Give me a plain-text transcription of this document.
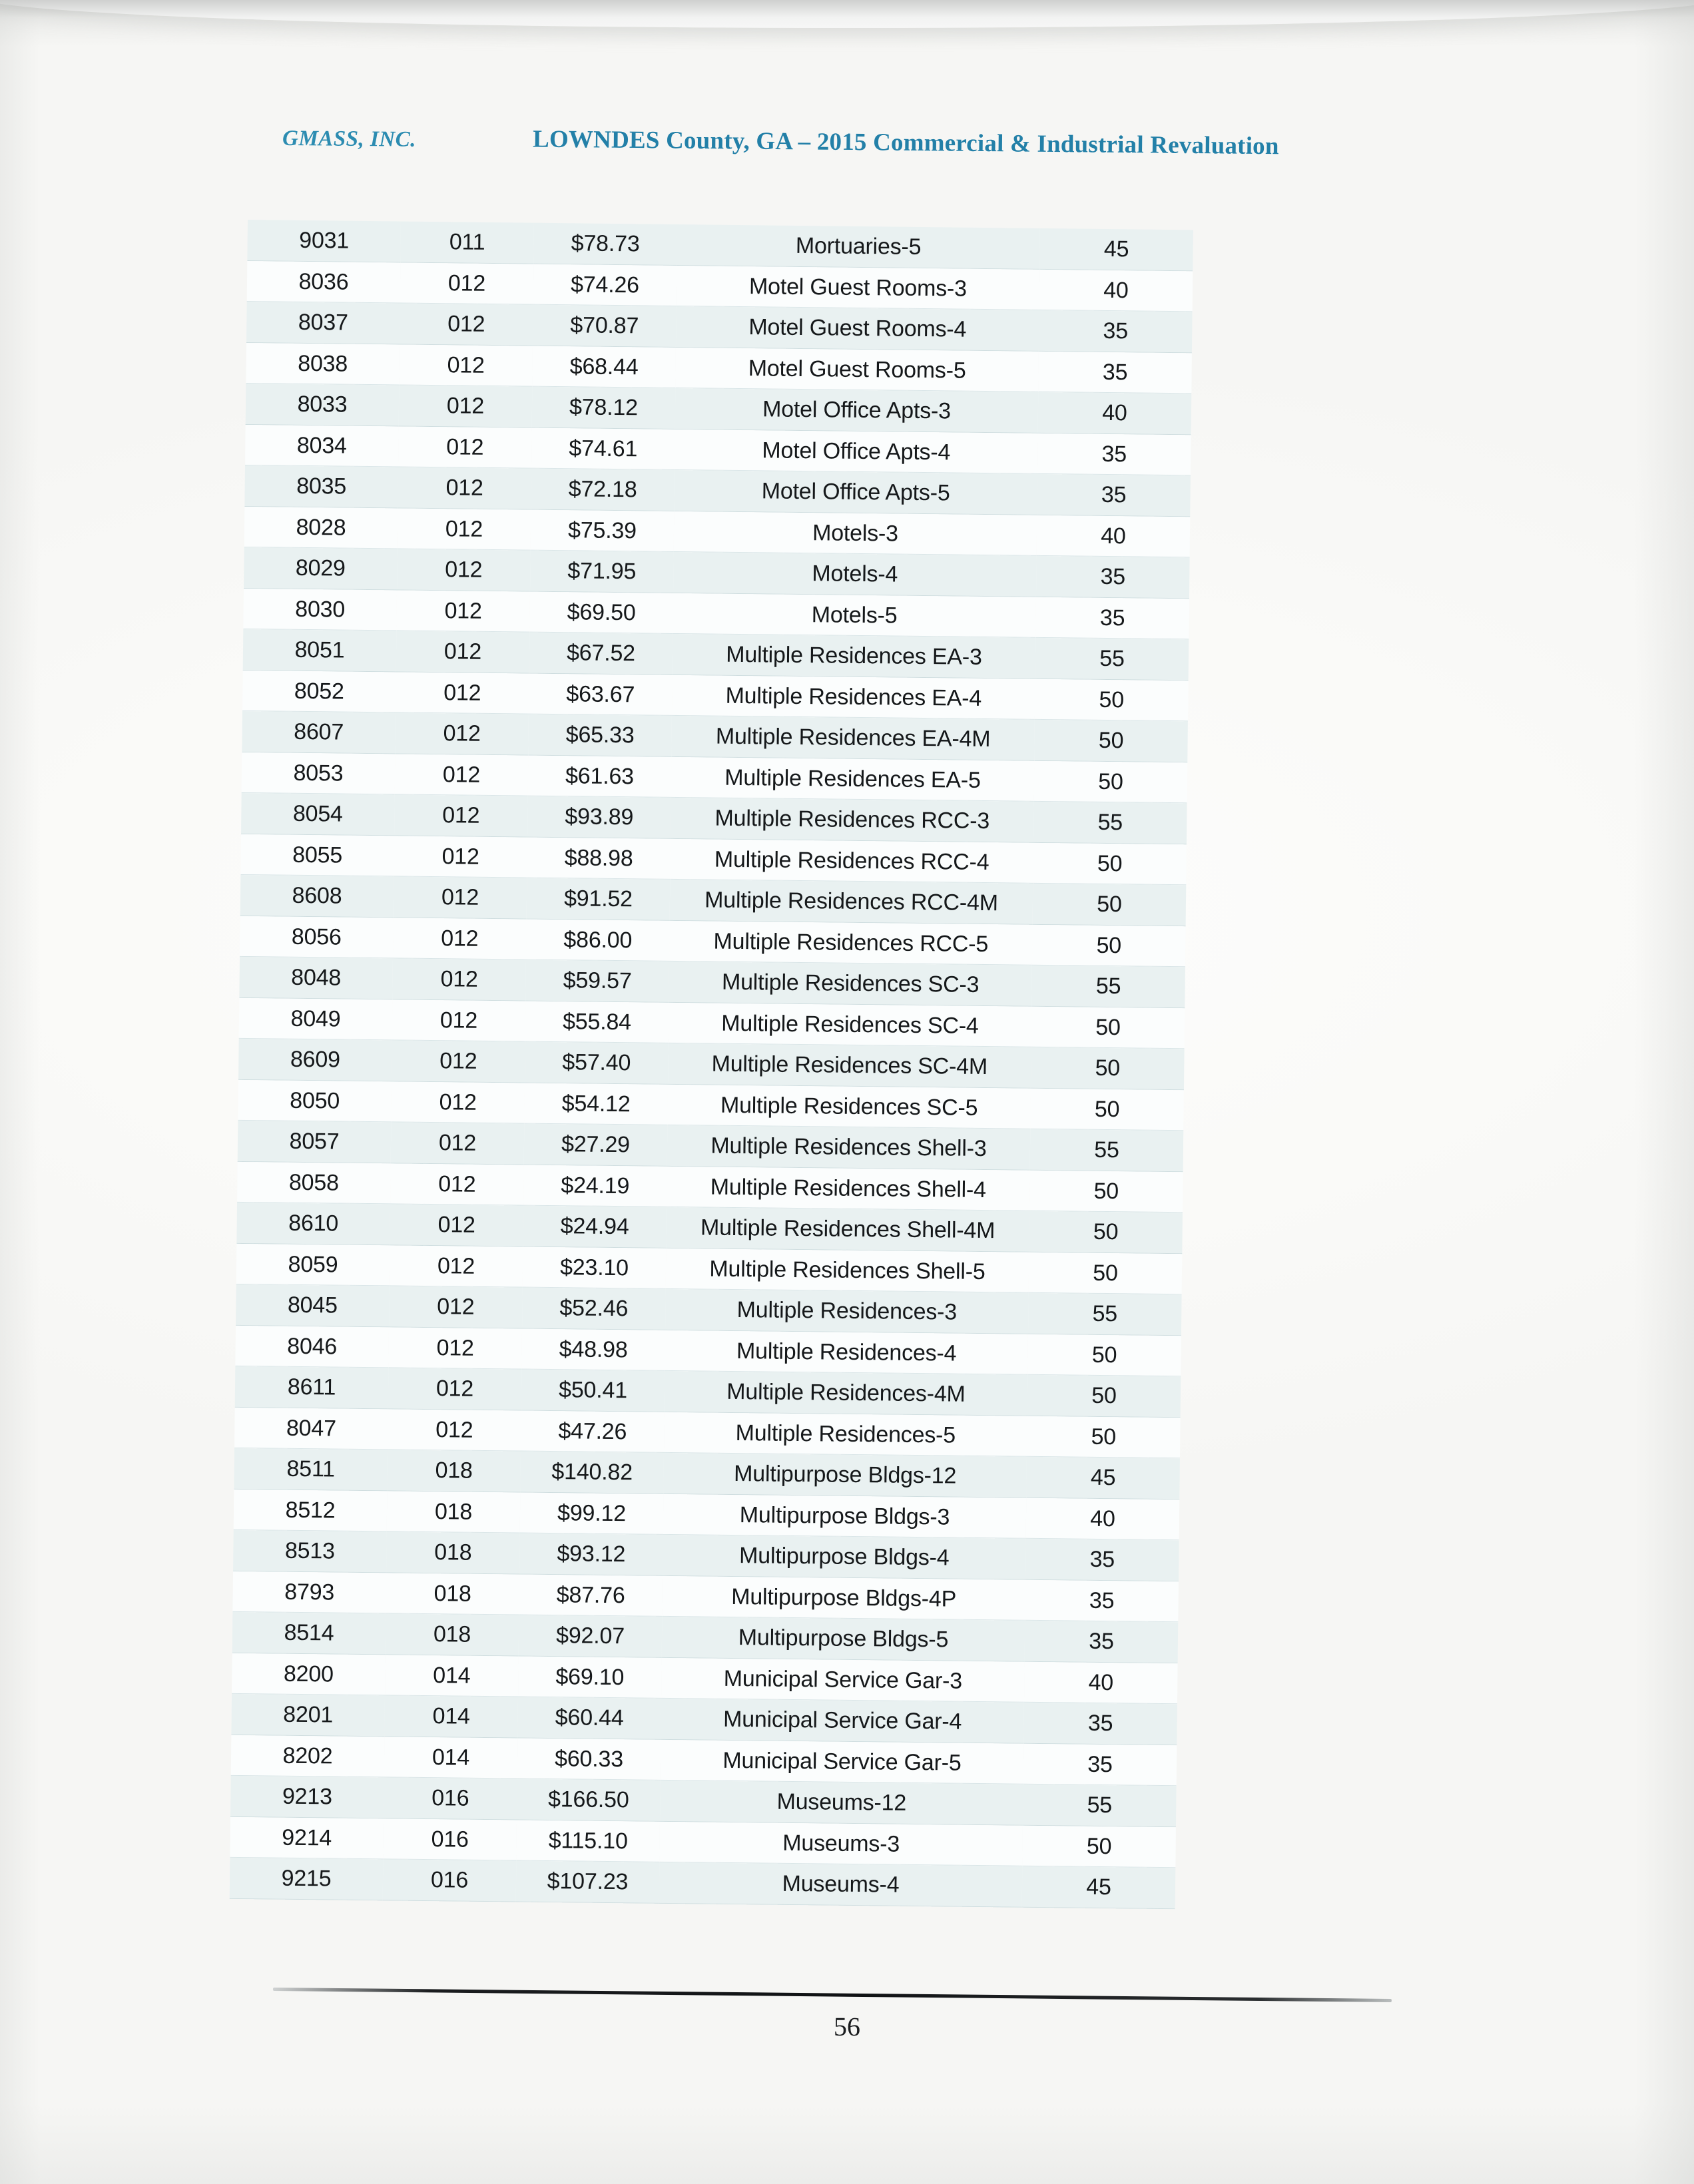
GMASS, INC.	LOWNDES County, GA – 2015 Commercial & Industrial Revaluation
9031	011	$78.73	Mortuaries-5	45
8036	012	$74.26	Motel Guest Rooms-3	40
8037	012	$70.87	Motel Guest Rooms-4	35
8038	012	$68.44	Motel Guest Rooms-5	35
8033	012	$78.12	Motel Office Apts-3	40
8034	012	$74.61	Motel Office Apts-4	35
8035	012	$72.18	Motel Office Apts-5	35
8028	012	$75.39	Motels-3	40
8029	012	$71.95	Motels-4	35
8030	012	$69.50	Motels-5	35
8051	012	$67.52	Multiple Residences EA-3	55
8052	012	$63.67	Multiple Residences EA-4	50
8607	012	$65.33	Multiple Residences EA-4M	50
8053	012	$61.63	Multiple Residences EA-5	50
8054	012	$93.89	Multiple Residences RCC-3	55
8055	012	$88.98	Multiple Residences RCC-4	50
8608	012	$91.52	Multiple Residences RCC-4M	50
8056	012	$86.00	Multiple Residences RCC-5	50
8048	012	$59.57	Multiple Residences SC-3	55
8049	012	$55.84	Multiple Residences SC-4	50
8609	012	$57.40	Multiple Residences SC-4M	50
8050	012	$54.12	Multiple Residences SC-5	50
8057	012	$27.29	Multiple Residences Shell-3	55
8058	012	$24.19	Multiple Residences Shell-4	50
8610	012	$24.94	Multiple Residences Shell-4M	50
8059	012	$23.10	Multiple Residences Shell-5	50
8045	012	$52.46	Multiple Residences-3	55
8046	012	$48.98	Multiple Residences-4	50
8611	012	$50.41	Multiple Residences-4M	50
8047	012	$47.26	Multiple Residences-5	50
8511	018	$140.82	Multipurpose Bldgs-12	45
8512	018	$99.12	Multipurpose Bldgs-3	40
8513	018	$93.12	Multipurpose Bldgs-4	35
8793	018	$87.76	Multipurpose Bldgs-4P	35
8514	018	$92.07	Multipurpose Bldgs-5	35
8200	014	$69.10	Municipal Service Gar-3	40
8201	014	$60.44	Municipal Service Gar-4	35
8202	014	$60.33	Municipal Service Gar-5	35
9213	016	$166.50	Museums-12	55
9214	016	$115.10	Museums-3	50
9215	016	$107.23	Museums-4	45
56
